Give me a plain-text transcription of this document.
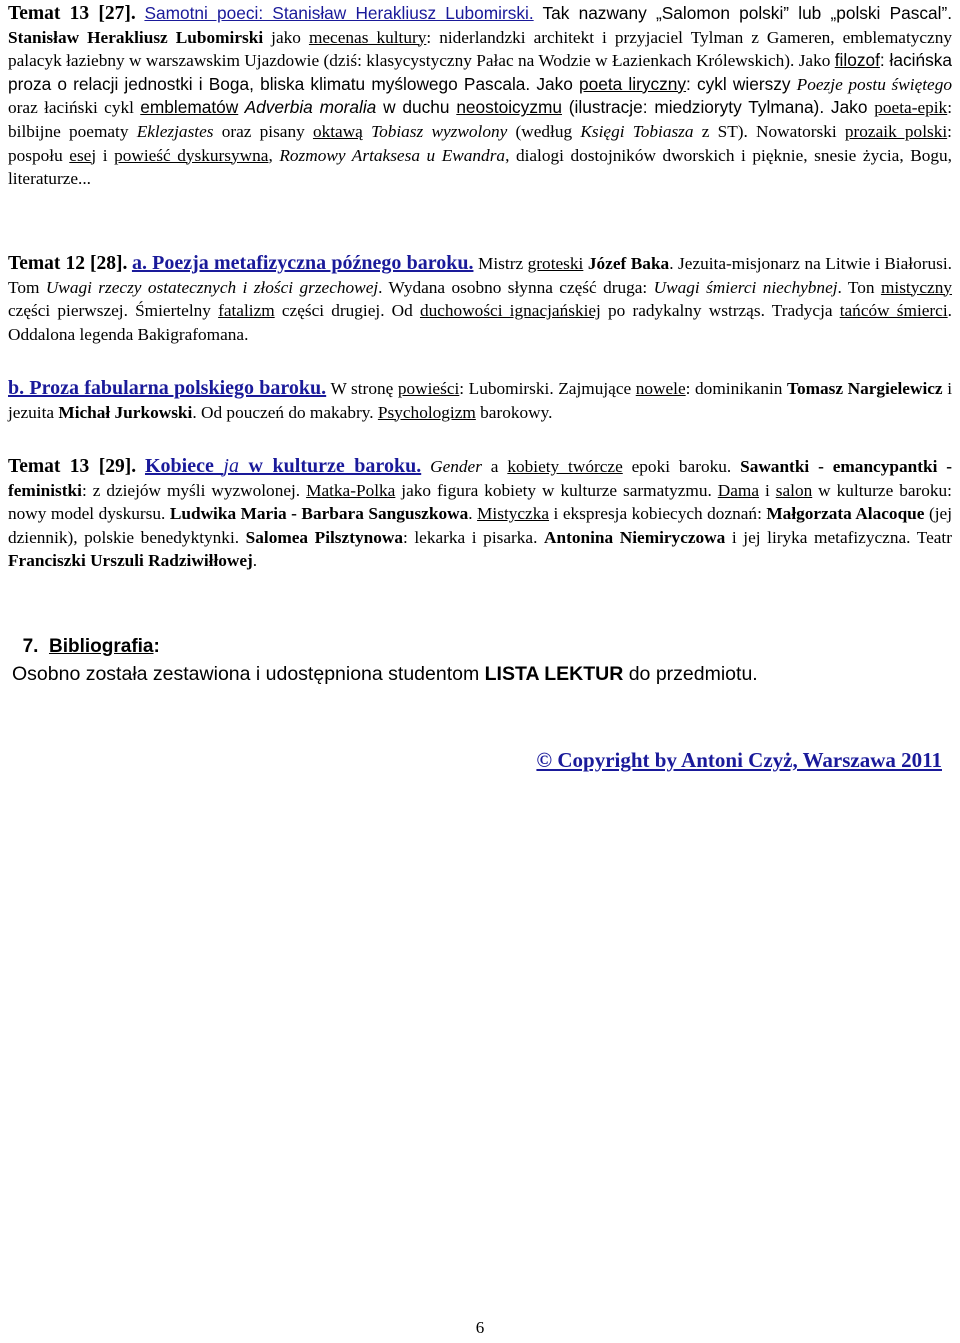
Temat 13 [27]. Samotni poeci: Stanisław Herakliusz Lubomirski. Tak nazwany „Salomon polski” lub „polski Pascal”. Stanisław Herakliusz Lubomirski jako mecenas kultury: niderlandzki architekt i przyjaciel Tylman z Gameren, emblematyczny palacyk łaziebny w warszawskim Ujazdowie (dziś: klasycystyczny Pałac na Wodzie w Łazienkach Królewskich). Jako filozof: łacińska proza o relacji jednostki i Boga, bliska klimatu myślowego Pascala. Jako poeta liryczny: cykl wierszy Poezje postu świętego oraz łaciński cykl emblematów Adverbia moralia w duchu neostoicyzmu (ilustracje: miedzioryty Tylmana). Jako poeta-epik: bilbijne poematy Eklezjastes oraz pisany oktawą Tobiasz wyzwolony (według Księgi Tobiasza z ST). Nowatorski prozaik polski: pospołu esej i powieść dyskursywna, Rozmowy Artaksesa u Ewandra, dialogi dostojników dworskich i pięknie, snesie życia, Bogu, literaturze...

Temat 12 [28]. a. Poezja metafizyczna późnego baroku. Mistrz groteski Józef Baka. Jezuita-misjonarz na Litwie i Białorusi. Tom Uwagi rzeczy ostatecznych i złości grzechowej. Wydana osobno słynna część druga: Uwagi śmierci niechybnej. Ton mistyczny części pierwszej. Śmiertelny fatalizm części drugiej. Od duchowości ignacjańskiej po radykalny wstrząs. Tradycja tańców śmierci. Oddalona legenda Bakigrafomana.

b. Proza fabularna polskiego baroku. W stronę powieści: Lubomirski. Zajmujące nowele: dominikanin Tomasz Nargielewicz i jezuita Michał Jurkowski. Od pouczeń do makabry. Psychologizm barokowy.

Temat 13 [29]. Kobiece ja w kulturze baroku. Gender a kobiety twórcze epoki baroku. Sawantki - emancypantki - feministki: z dziejów myśli wyzwolonej. Matka-Polka jako figura kobiety w kulturze sarmatyzmu. Dama i salon w kulturze baroku: nowy model dyskursu. Ludwika Maria - Barbara Sanguszkowa. Mistyczka i ekspresja kobiecych doznań: Małgorzata Alacoque (jej dziennik), polskie benedyktynki. Salomea Pilsztynowa: lekarka i pisarka. Antonina Niemiryczowa i jej liryka metafizyczna. Teatr Franciszki Urszuli Radziwiłłowej.

7. Bibliografia:
Osobno została zestawiona i udostępniona studentom LISTA LEKTUR do przedmiotu.
© Copyright by Antoni Czyż, Warszawa 2011
6
